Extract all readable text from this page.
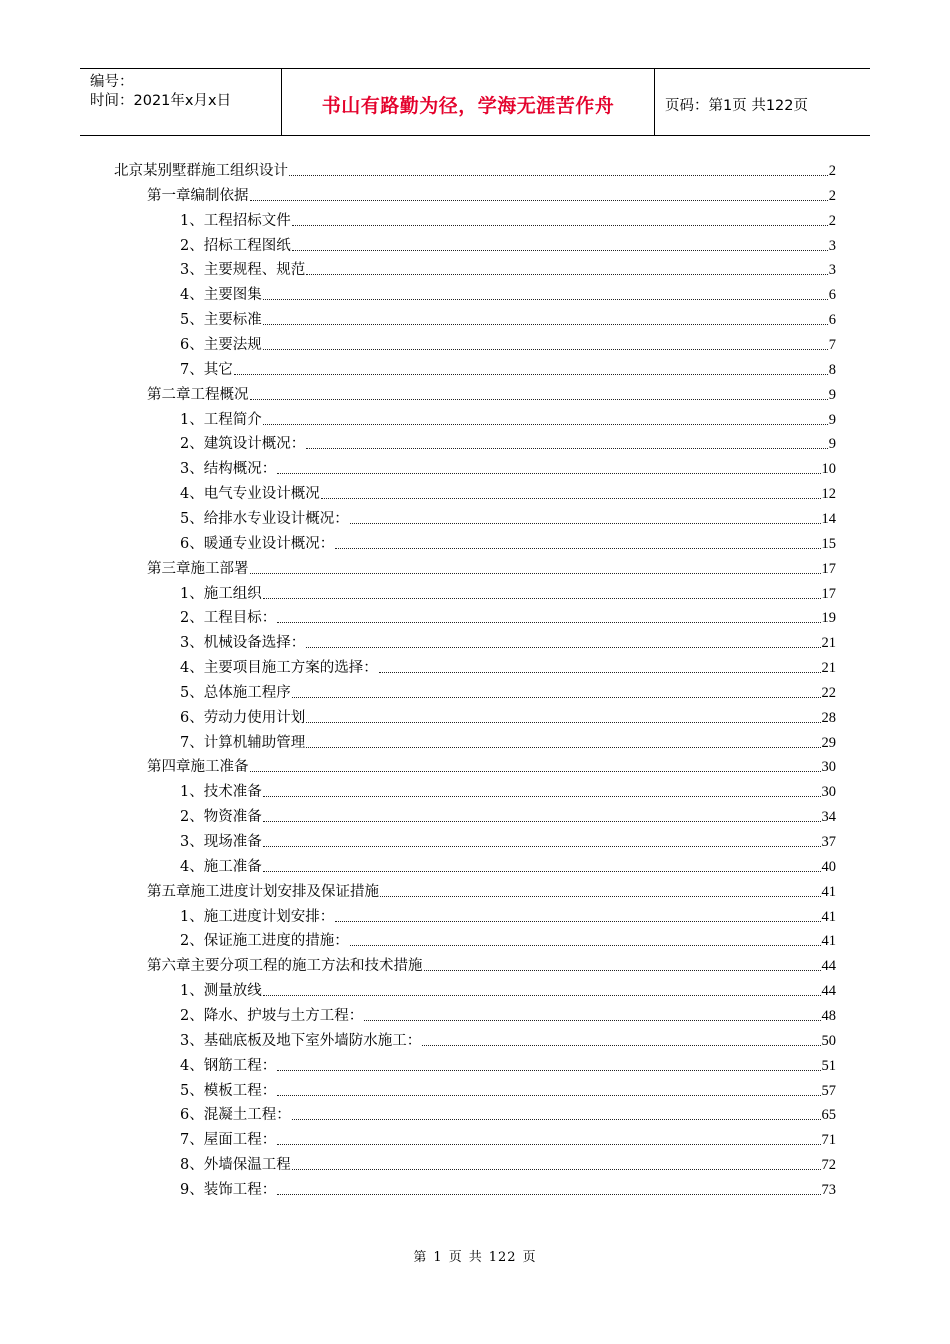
编号：
时间：2021年x月x日	书山有路勤为径，学海无涯苦作舟	页码：第1页 共122页
北京某别墅群施工组织设计	2
第一章编制依据	2
1、工程招标文件	2
2、招标工程图纸	3
3、主要规程、规范	3
4、主要图集	6
5、主要标准	6
6、主要法规	7
7、其它	8
第二章工程概况	9
1、工程简介	9
2、建筑设计概况：	9
3、结构概况：	10
4、电气专业设计概况	12
5、给排水专业设计概况：	14
6、暖通专业设计概况：	15
第三章施工部署	17
1、施工组织	17
2、工程目标：	19
3、机械设备选择：	21
4、主要项目施工方案的选择：	21
5、总体施工程序	22
6、劳动力使用计划	28
7、计算机辅助管理	29
第四章施工准备	30
1、技术准备	30
2、物资准备	34
3、现场准备	37
4、施工准备	40
第五章施工进度计划安排及保证措施	41
1、施工进度计划安排：	41
2、保证施工进度的措施：	41
第六章主要分项工程的施工方法和技术措施	44
1、测量放线	44
2、降水、护坡与土方工程：	48
3、基础底板及地下室外墙防水施工：	50
4、钢筋工程：	51
5、模板工程：	57
6、混凝土工程：	65
7、屋面工程：	71
8、外墙保温工程	72
9、装饰工程：	73
第 1 页 共 122 页
